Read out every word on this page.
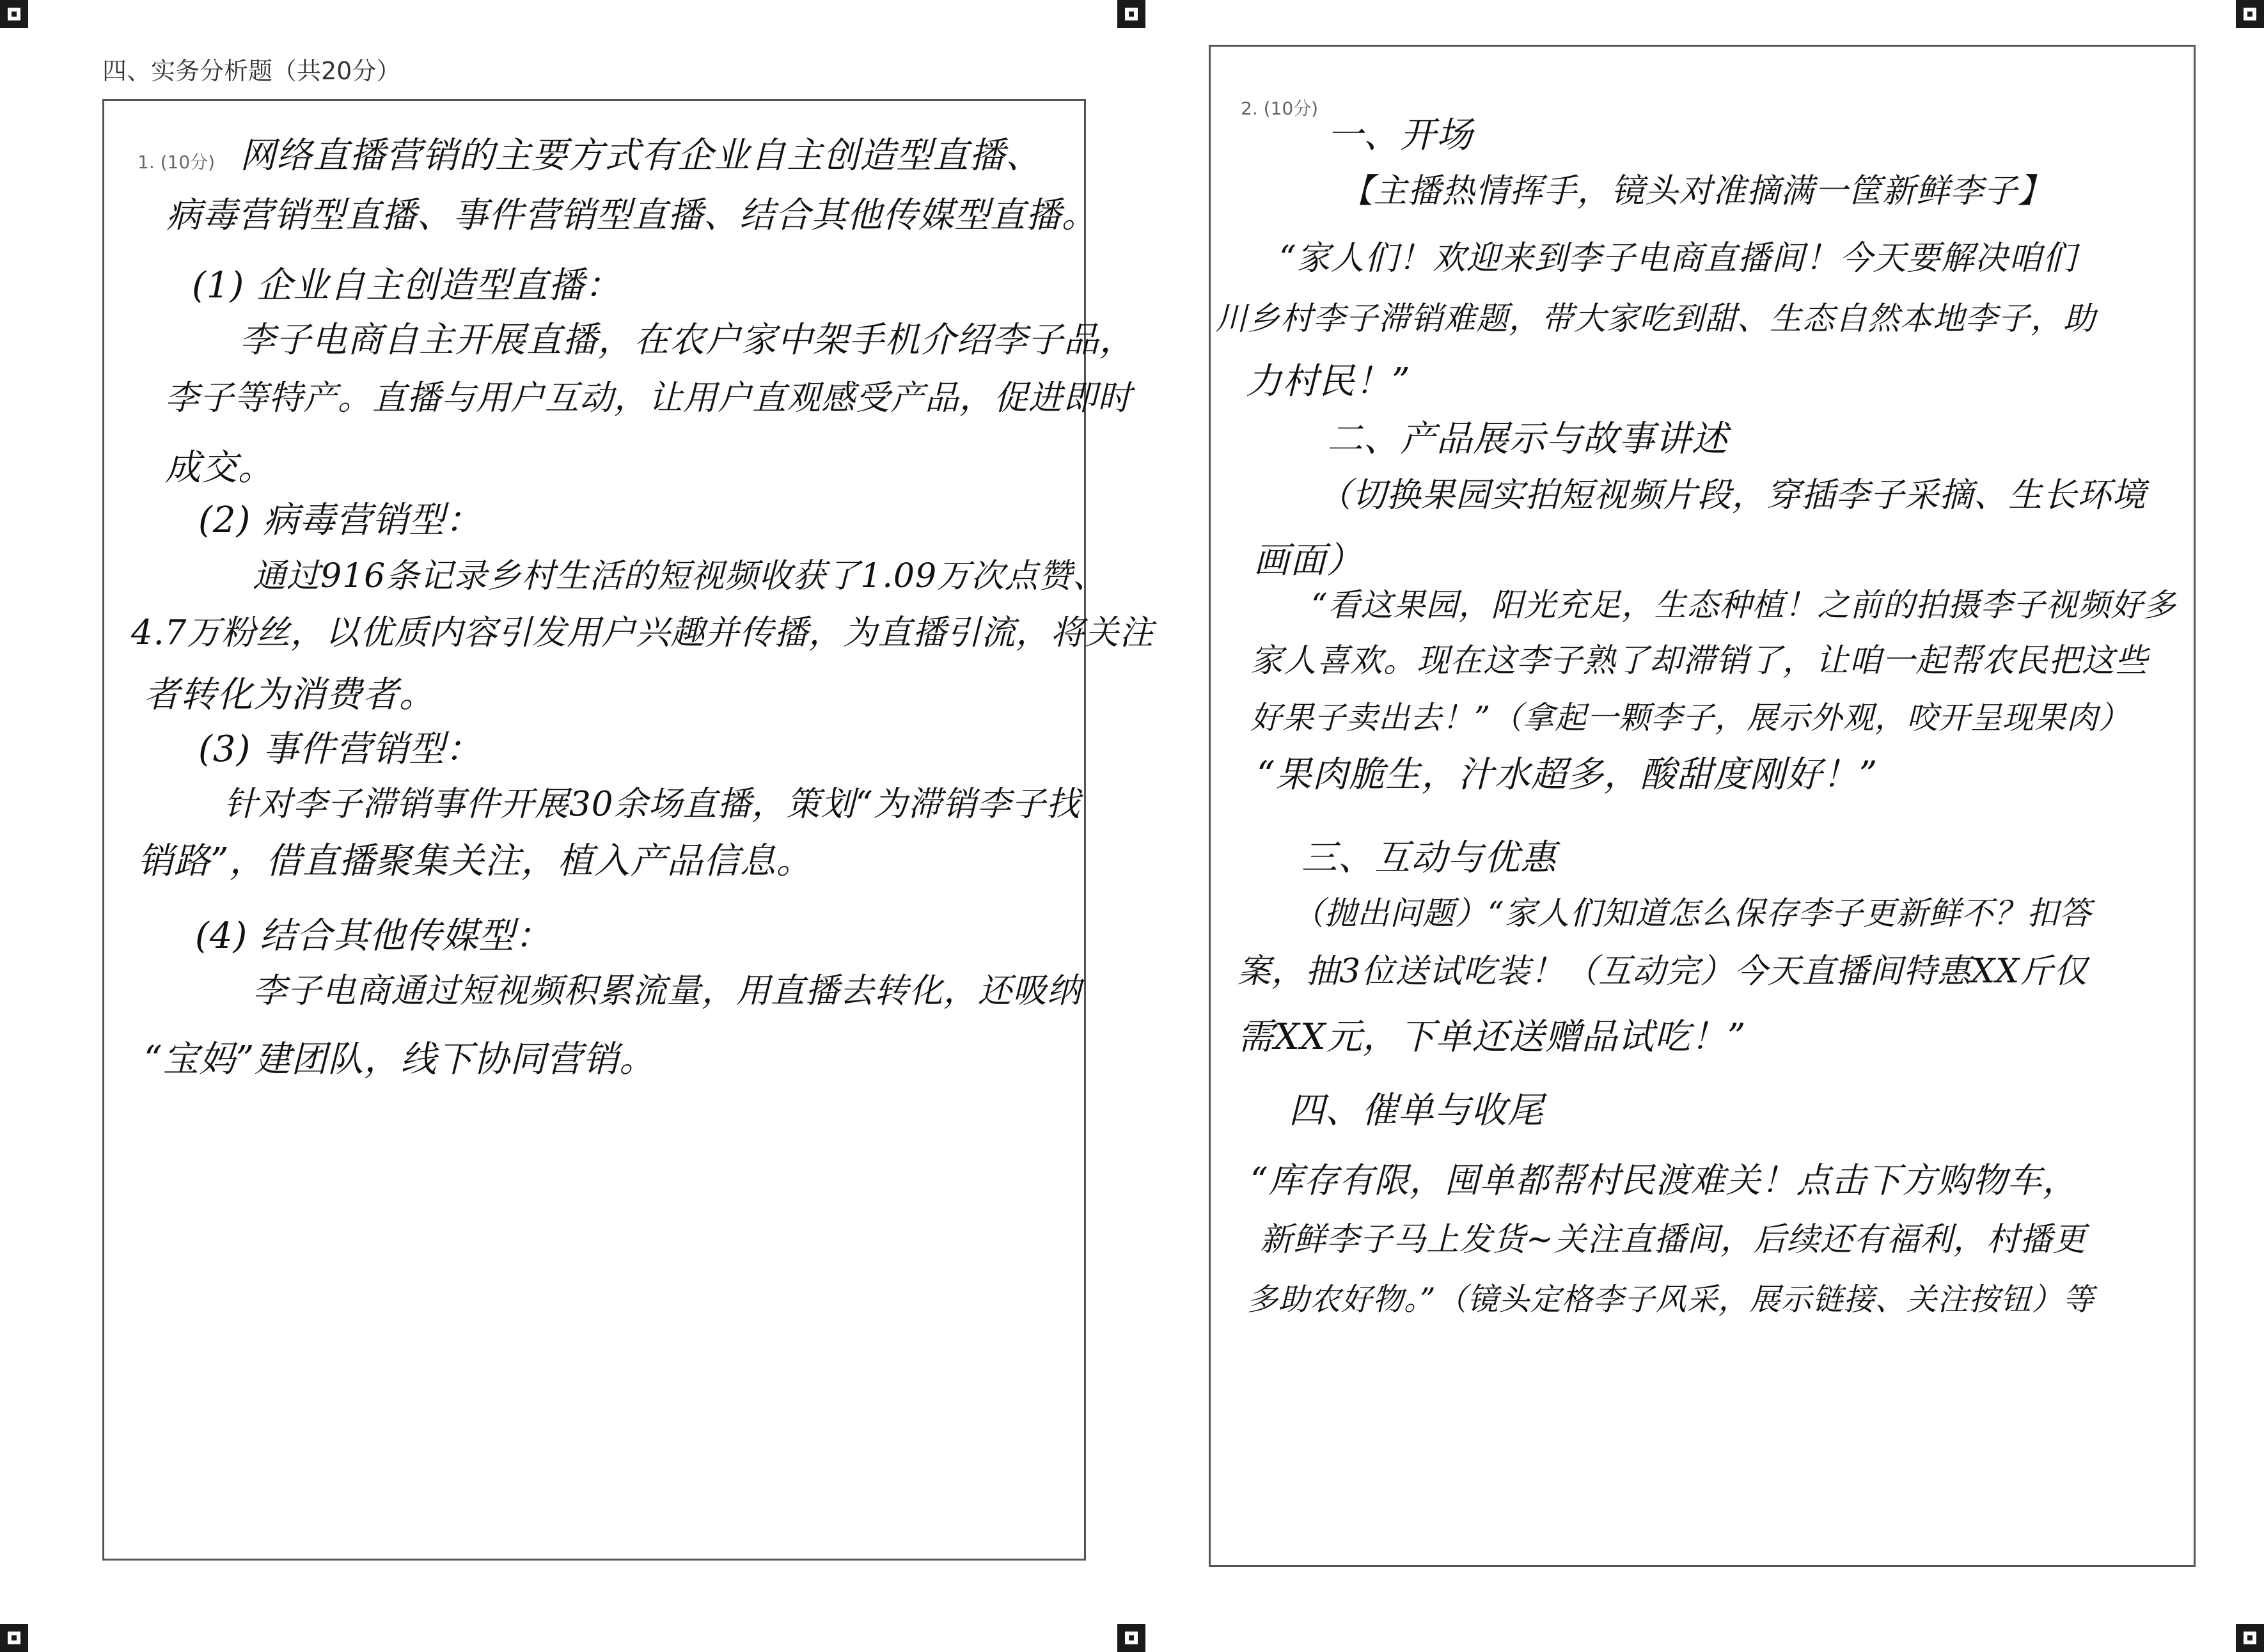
四、实务分析题（共20分）
1. (10分) 网络直播营销的主要方式有企业自主创造型直播、
病毒营销型直播、事件营销型直播、结合其他传媒型直播。
(1) 企业自主创造型直播：
李子电商自主开展直播，在农户家中架手机介绍李子品，
李子等特产。直播与用户互动，让用户直观感受产品，促进即时
成交。
(2) 病毒营销型：
通过916条记录乡村生活的短视频收获了1.09万次点赞、
4.7万粉丝，以优质内容引发用户兴趣并传播，为直播引流，将关注
者转化为消费者。
(3) 事件营销型：
针对李子滞销事件开展30余场直播，策划“为滞销李子找
销路”，借直播聚集关注，植入产品信息。
(4) 结合其他传媒型：
李子电商通过短视频积累流量，用直播去转化，还吸纳
“宝妈”建团队，线下协同营销。
2. (10分)
一、开场
【主播热情挥手，镜头对准摘满一筐新鲜李子】
“家人们！欢迎来到李子电商直播间！今天要解决咱们
川乡村李子滞销难题，带大家吃到甜、生态自然本地李子，助
力村民！”
二、产品展示与故事讲述
（切换果园实拍短视频片段，穿插李子采摘、生长环境
画面）
“看这果园，阳光充足，生态种植！之前的拍摄李子视频好多
家人喜欢。现在这李子熟了却滞销了，让咱一起帮农民把这些
好果子卖出去！”（拿起一颗李子，展示外观，咬开呈现果肉）
“果肉脆生，汁水超多，酸甜度刚好！”
三、互动与优惠
（抛出问题）“家人们知道怎么保存李子更新鲜不？扣答
案，抽3位送试吃装！（互动完）今天直播间特惠XX斤仅
需XX元，下单还送赠品试吃！”
四、催单与收尾
“库存有限，囤单都帮村民渡难关！点击下方购物车，
新鲜李子马上发货~关注直播间，后续还有福利，村播更
多助农好物。”（镜头定格李子风采，展示链接、关注按钮）等
